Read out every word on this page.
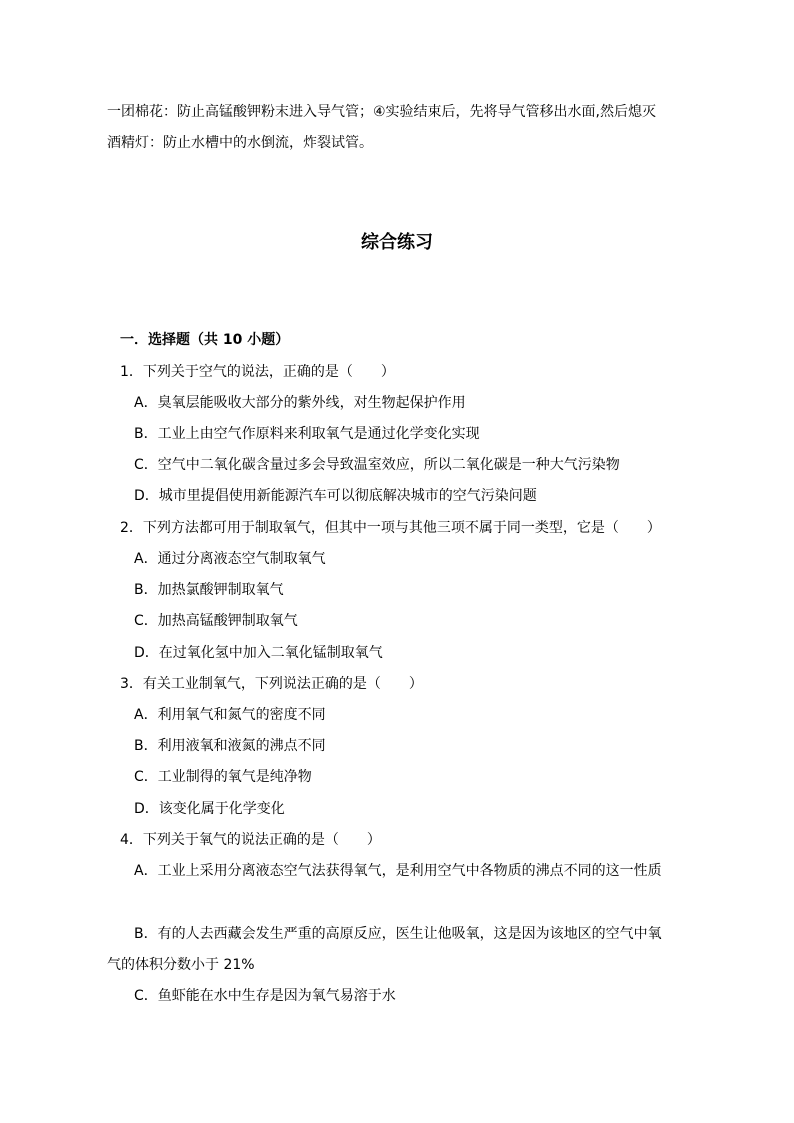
一团棉花：防止高锰酸钾粉末进入导气管；④实验结束后，先将导气管移出水面,然后熄灭
酒精灯：防止水槽中的水倒流，炸裂试管。
综合练习
一．选择题（共 10 小题）
1．下列关于空气的说法，正确的是（　　）
A．臭氧层能吸收大部分的紫外线，对生物起保护作用
B．工业上由空气作原料来利取氧气是通过化学变化实现
C．空气中二氧化碳含量过多会导致温室效应，所以二氧化碳是一种大气污染物
D．城市里提倡使用新能源汽车可以彻底解决城市的空气污染问题
2．下列方法都可用于制取氧气，但其中一项与其他三项不属于同一类型，它是（　　）
A．通过分离液态空气制取氧气
B．加热氯酸钾制取氧气
C．加热高锰酸钾制取氧气
D．在过氧化氢中加入二氧化锰制取氧气
3．有关工业制氧气，下列说法正确的是（　　）
A．利用氧气和氮气的密度不同
B．利用液氧和液氮的沸点不同
C．工业制得的氧气是纯净物
D．该变化属于化学变化
4．下列关于氧气的说法正确的是（　　）
A．工业上采用分离液态空气法获得氧气，是利用空气中各物质的沸点不同的这一性质
B．有的人去西藏会发生严重的高原反应，医生让他吸氧，这是因为该地区的空气中氧
气的体积分数小于 21%
C．鱼虾能在水中生存是因为氧气易溶于水
